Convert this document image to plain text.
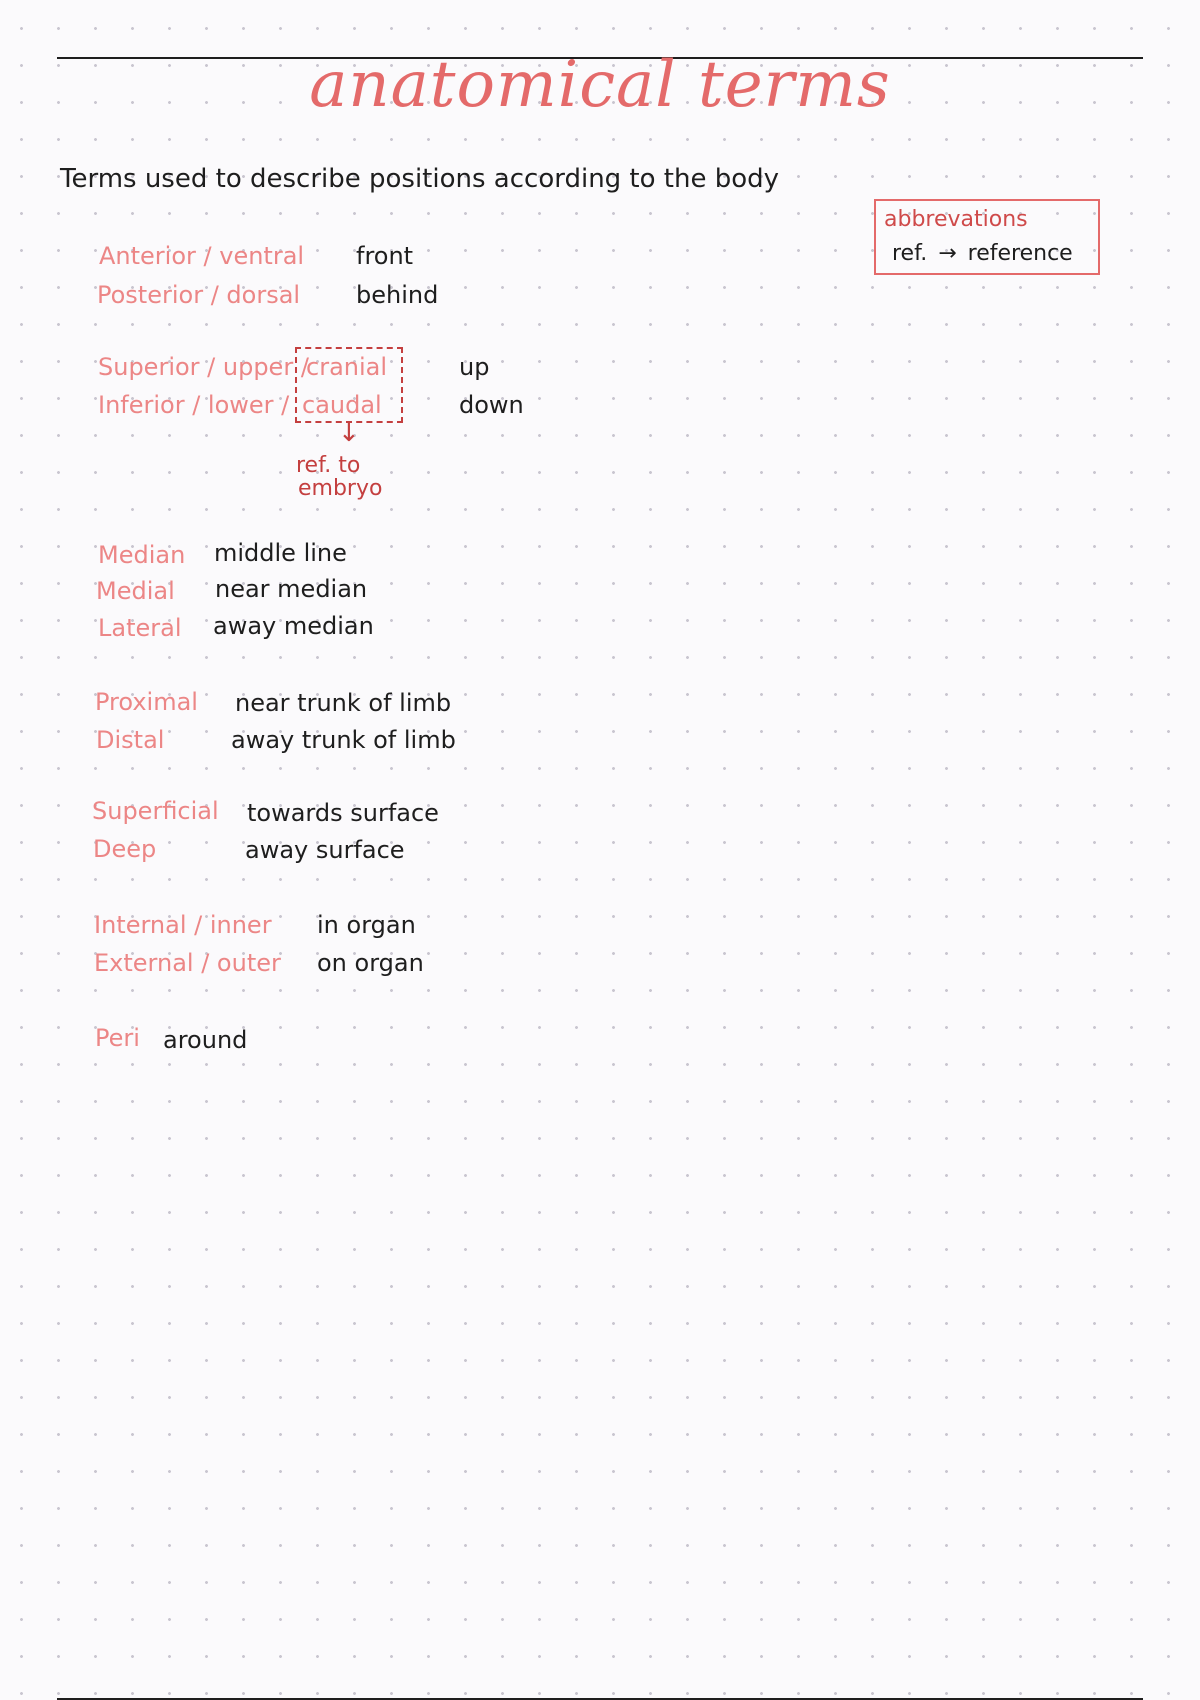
anatomical terms
Terms used to describe positions according to the body
abbrevations
ref. → reference
Anterior / ventral front
Posterior / dorsal behind
Superior / upper /
Inferior / lower /
cranial
caudal
up
down
↓
ref. to
embryo
Median middle line
Medial near median
Lateral away median
Proximal near trunk of limb
Distal	away trunk of limb
Superficial towards surface
Deep	away surface
Internal / inner in organ
External / outer on organ
Peri around
